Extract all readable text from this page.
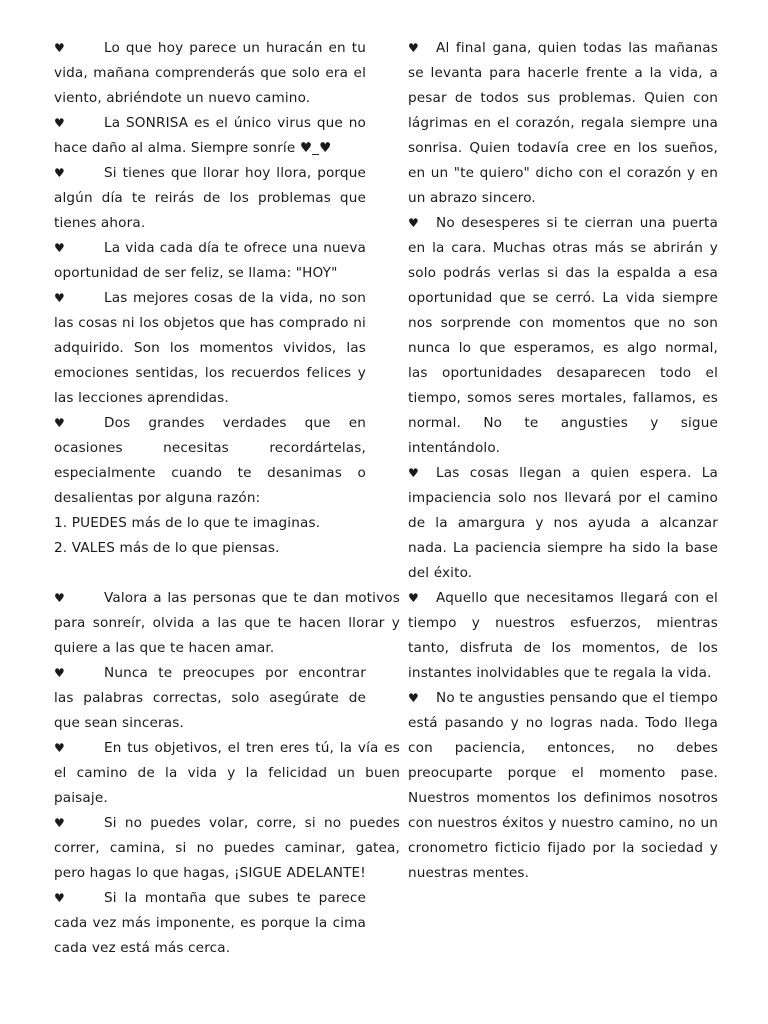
♥	Lo que hoy parece un huracán en tu vida, mañana comprenderás que solo era el viento, abriéndote un nuevo camino.
♥	La SONRISA es el único virus que no hace daño al alma. Siempre sonríe ♥_♥
♥	Si tienes que llorar hoy llora, porque algún día te reirás de los problemas que tienes ahora.
♥	La vida cada día te ofrece una nueva oportunidad de ser feliz, se llama: "HOY"
♥	Las mejores cosas de la vida, no son las cosas ni los objetos que has comprado ni adquirido. Son los momentos vividos, las emociones sentidas, los recuerdos felices y las lecciones aprendidas.
♥	Dos grandes verdades que en ocasiones necesitas recordártelas, especialmente cuando te desanimas o desalientas por alguna razón:
1. PUEDES más de lo que te imaginas.
2. VALES más de lo que piensas.
♥	Valora a las personas que te dan motivos para sonreír, olvida a las que te hacen llorar y quiere a las que te hacen amar.
♥	Nunca te preocupes por encontrar las palabras correctas, solo asegúrate de que sean sinceras.
♥	En tus objetivos, el tren eres tú, la vía es el camino de la vida y la felicidad un buen paisaje.
♥	Si no puedes volar, corre, si no puedes correr, camina, si no puedes caminar, gatea, pero hagas lo que hagas, ¡SIGUE ADELANTE!
♥	Si la montaña que subes te parece cada vez más imponente, es porque la cima cada vez está más cerca.
♥ Al final gana, quien todas las mañanas se levanta para hacerle frente a la vida, a pesar de todos sus problemas. Quien con lágrimas en el corazón, regala siempre una sonrisa. Quien todavía cree en los sueños, en un "te quiero" dicho con el corazón y en un abrazo sincero.
♥ No desesperes si te cierran una puerta en la cara. Muchas otras más se abrirán y solo podrás verlas si das la espalda a esa oportunidad que se cerró. La vida siempre nos sorprende con momentos que no son nunca lo que esperamos, es algo normal, las oportunidades desaparecen todo el tiempo, somos seres mortales, fallamos, es normal. No te angusties y sigue intentándolo.
♥ Las cosas llegan a quien espera. La impaciencia solo nos llevará por el camino de la amargura y nos ayuda a alcanzar nada. La paciencia siempre ha sido la base del éxito.
♥ Aquello que necesitamos llegará con el tiempo y nuestros esfuerzos, mientras tanto, disfruta de los momentos, de los instantes inolvidables que te regala la vida.
♥ No te angusties pensando que el tiempo está pasando y no logras nada. Todo llega con paciencia, entonces, no debes preocuparte porque el momento pase. Nuestros momentos los definimos nosotros con nuestros éxitos y nuestro camino, no un cronometro ficticio fijado por la sociedad y nuestras mentes.
